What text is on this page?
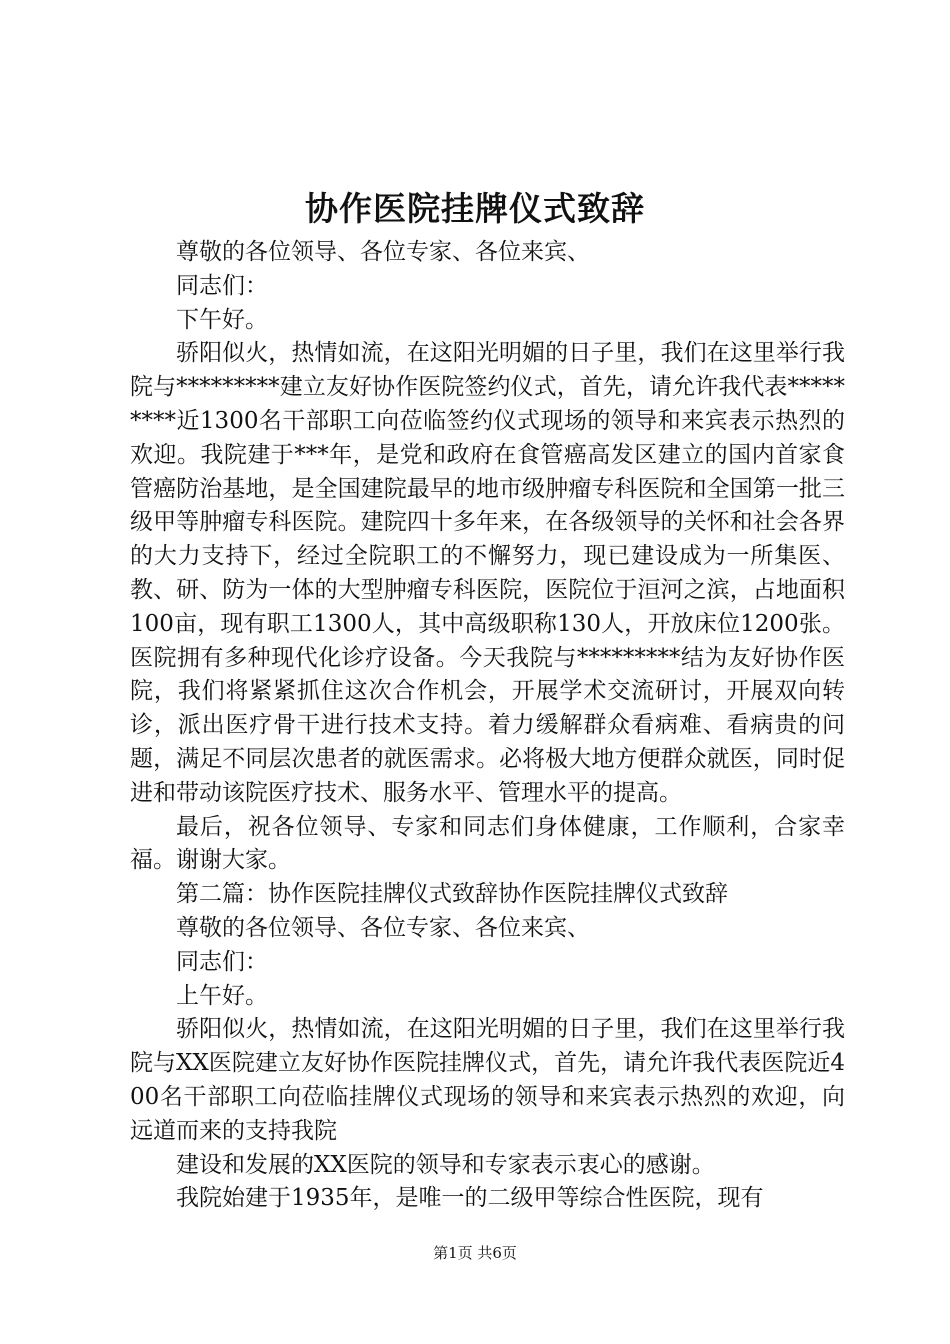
协作医院挂牌仪式致辞

尊敬的各位领导、各位专家、各位来宾、

同志们：

下午好。

骄阳似火，热情如流，在这阳光明媚的日子里，我们在这里举行我院与*********建立友好协作医院签约仪式，首先，请允许我代表*********近1300名干部职工向莅临签约仪式现场的领导和来宾表示热烈的欢迎。我院建于***年，是党和政府在食管癌高发区建立的国内首家食管癌防治基地，是全国建院最早的地市级肿瘤专科医院和全国第一批三级甲等肿瘤专科医院。建院四十多年来，在各级领导的关怀和社会各界的大力支持下，经过全院职工的不懈努力，现已建设成为一所集医、教、研、防为一体的大型肿瘤专科医院，医院位于洹河之滨，占地面积100亩，现有职工1300人，其中高级职称130人，开放床位1200张。医院拥有多种现代化诊疗设备。今天我院与*********结为友好协作医院，我们将紧紧抓住这次合作机会，开展学术交流研讨，开展双向转诊，派出医疗骨干进行技术支持。着力缓解群众看病难、看病贵的问题，满足不同层次患者的就医需求。必将极大地方便群众就医，同时促进和带动该院医疗技术、服务水平、管理水平的提高。

最后，祝各位领导、专家和同志们身体健康，工作顺利，合家幸福。谢谢大家。

第二篇：协作医院挂牌仪式致辞协作医院挂牌仪式致辞

尊敬的各位领导、各位专家、各位来宾、

同志们：

上午好。

骄阳似火，热情如流，在这阳光明媚的日子里，我们在这里举行我院与XX医院建立友好协作医院挂牌仪式，首先，请允许我代表医院近400名干部职工向莅临挂牌仪式现场的领导和来宾表示热烈的欢迎，向远道而来的支持我院

建设和发展的XX医院的领导和专家表示衷心的感谢。

我院始建于1935年，是唯一的二级甲等综合性医院，现有

第1页 共6页
